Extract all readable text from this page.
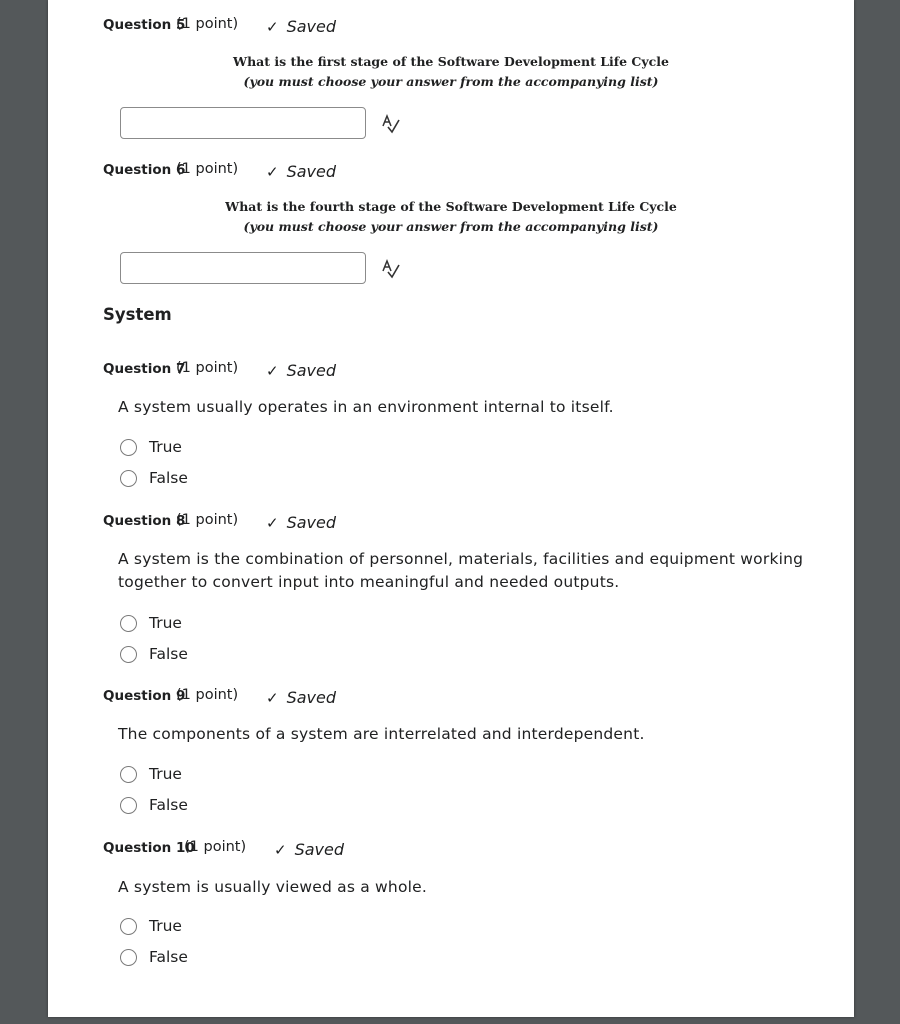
Question 5
(1 point) ✓ Saved
What is the first stage of the Software Development Life Cycle
(you must choose your answer from the accompanying list)
Question 6
(1 point) ✓ Saved
What is the fourth stage of the Software Development Life Cycle
(you must choose your answer from the accompanying list)
System
Question 7
(1 point) ✓ Saved
A system usually operates in an environment internal to itself.
True
False
Question 8
(1 point) ✓ Saved
A system is the combination of personnel, materials, facilities and equipment working
together to convert input into meaningful and needed outputs.
True
False
Question 9
(1 point) ✓ Saved
The components of a system are interrelated and interdependent.
True
False
Question 10
(1 point) ✓ Saved
A system is usually viewed as a whole.
True
False
